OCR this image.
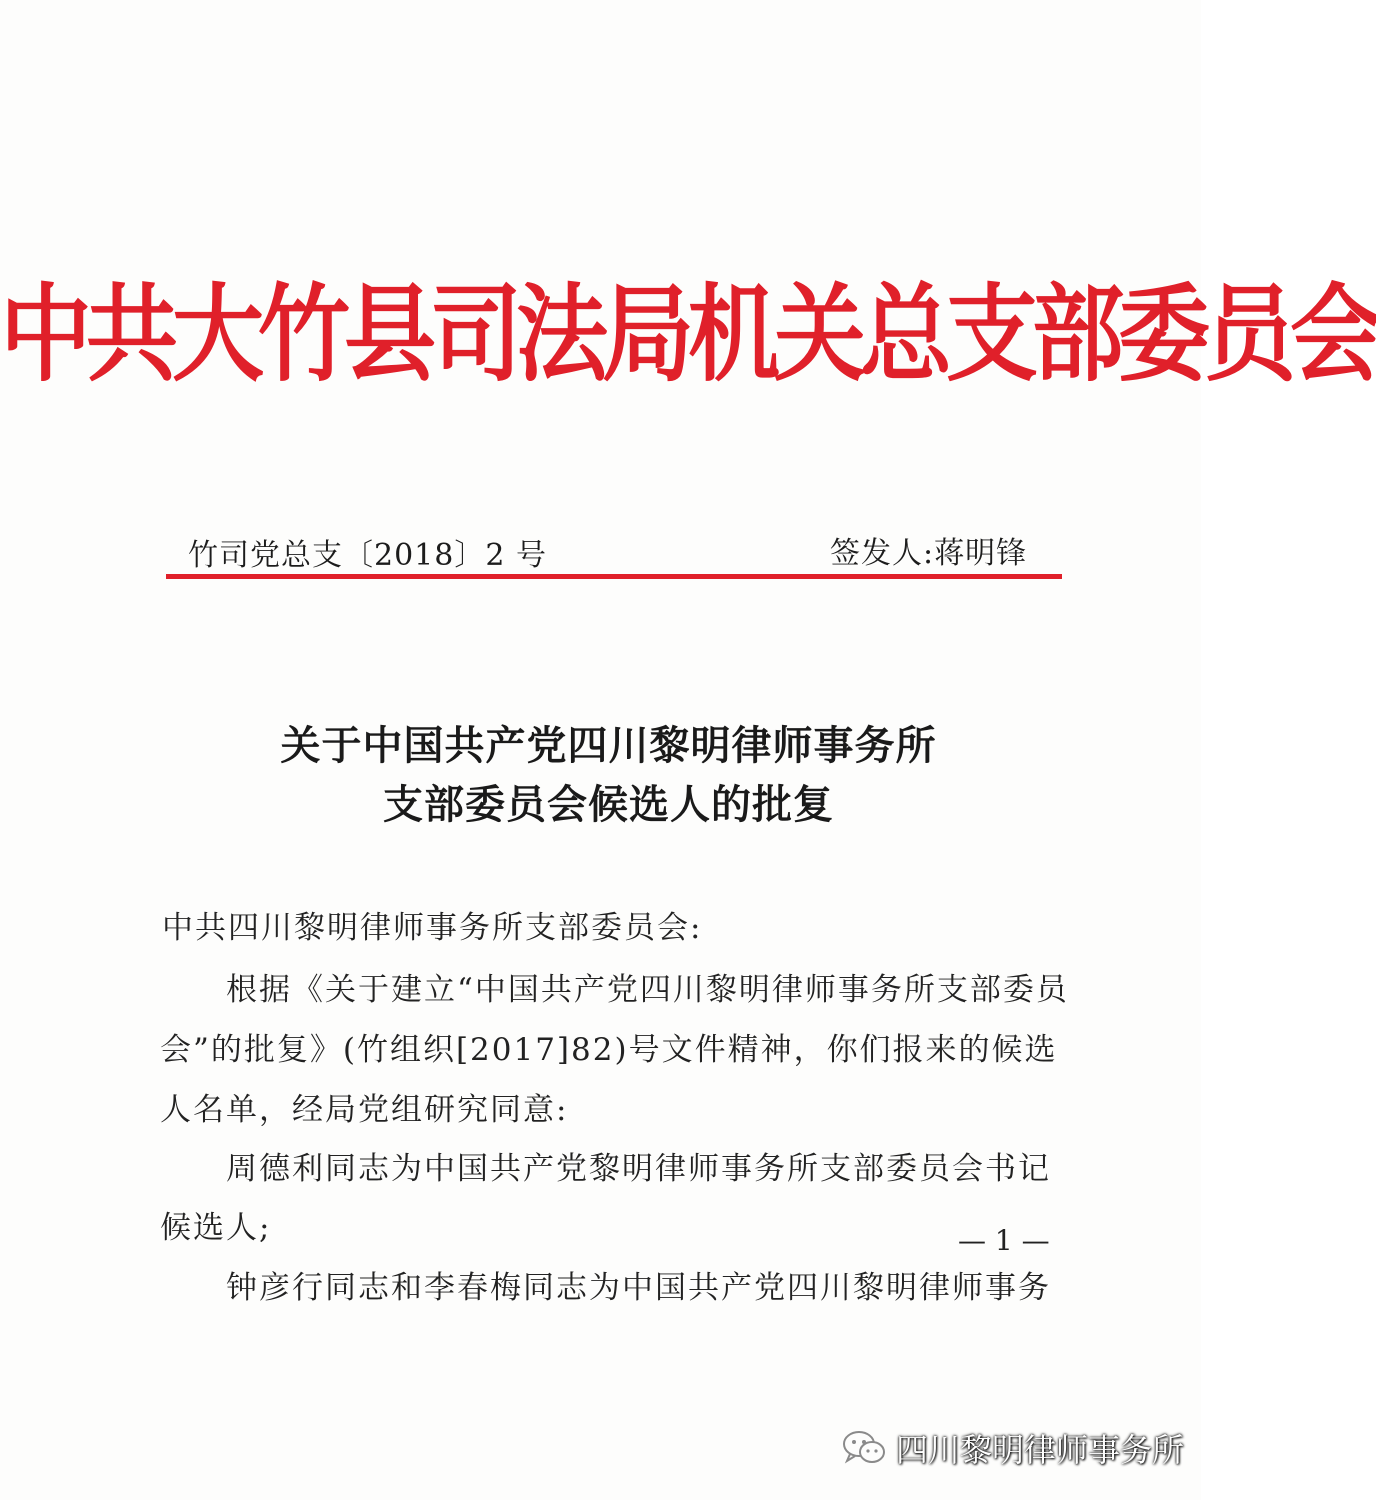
中共大竹县司法局机关总支部委员会
竹司党总支〔2018〕2 号	签发人:蒋明锋
关于中国共产党四川黎明律师事务所
支部委员会候选人的批复
中共四川黎明律师事务所支部委员会:
根据《关于建立“中国共产党四川黎明律师事务所支部委员
会”的批复》(竹组织[2017]82)号文件精神，你们报来的候选
人名单，经局党组研究同意:
周德利同志为中国共产党黎明律师事务所支部委员会书记
候选人;
钟彦行同志和李春梅同志为中国共产党四川黎明律师事务
— 1 —
四川黎明律师事务所
